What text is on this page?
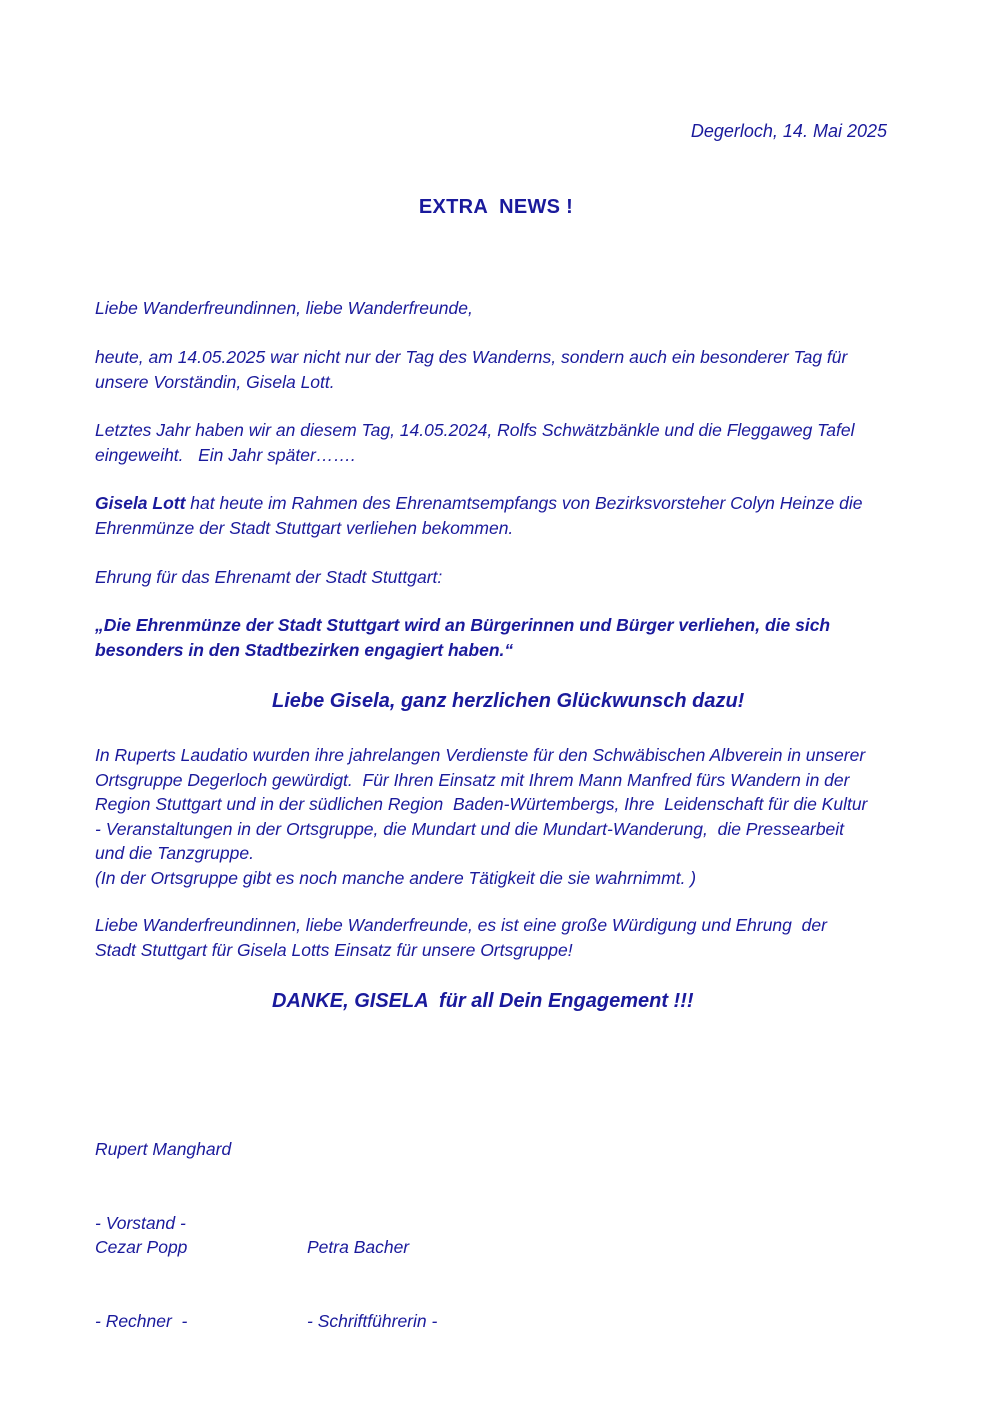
Degerloch, 14. Mai 2025
EXTRA  NEWS !
Liebe Wanderfreundinnen, liebe Wanderfreunde,
heute, am 14.05.2025 war nicht nur der Tag des Wanderns, sondern auch ein besonderer Tag für
unsere Vorständin, Gisela Lott.
Letztes Jahr haben wir an diesem Tag, 14.05.2024, Rolfs Schwätzbänkle und die Fleggaweg Tafel
eingeweiht.   Ein Jahr später…….
Gisela Lott hat heute im Rahmen des Ehrenamtsempfangs von Bezirksvorsteher Colyn Heinze die
Ehrenmünze der Stadt Stuttgart verliehen bekommen.
Ehrung für das Ehrenamt der Stadt Stuttgart:
„Die Ehrenmünze der Stadt Stuttgart wird an Bürgerinnen und Bürger verliehen, die sich
besonders in den Stadtbezirken engagiert haben.“
Liebe Gisela, ganz herzlichen Glückwunsch dazu!
In Ruperts Laudatio wurden ihre jahrelangen Verdienste für den Schwäbischen Albverein in unserer
Ortsgruppe Degerloch gewürdigt.  Für Ihren Einsatz mit Ihrem Mann Manfred fürs Wandern in der
Region Stuttgart und in der südlichen Region  Baden-Würtembergs, Ihre  Leidenschaft für die Kultur
- Veranstaltungen in der Ortsgruppe, die Mundart und die Mundart-Wanderung,  die Pressearbeit
und die Tanzgruppe.
(In der Ortsgruppe gibt es noch manche andere Tätigkeit die sie wahrnimmt. )
Liebe Wanderfreundinnen, liebe Wanderfreunde, es ist eine große Würdigung und Ehrung  der
Stadt Stuttgart für Gisela Lotts Einsatz für unsere Ortsgruppe!
DANKE, GISELA  für all Dein Engagement !!!

Rupert Manghard

- Vorstand -

Cezar Popp

- Rechner  -

Petra Bacher

- Schriftführerin -
